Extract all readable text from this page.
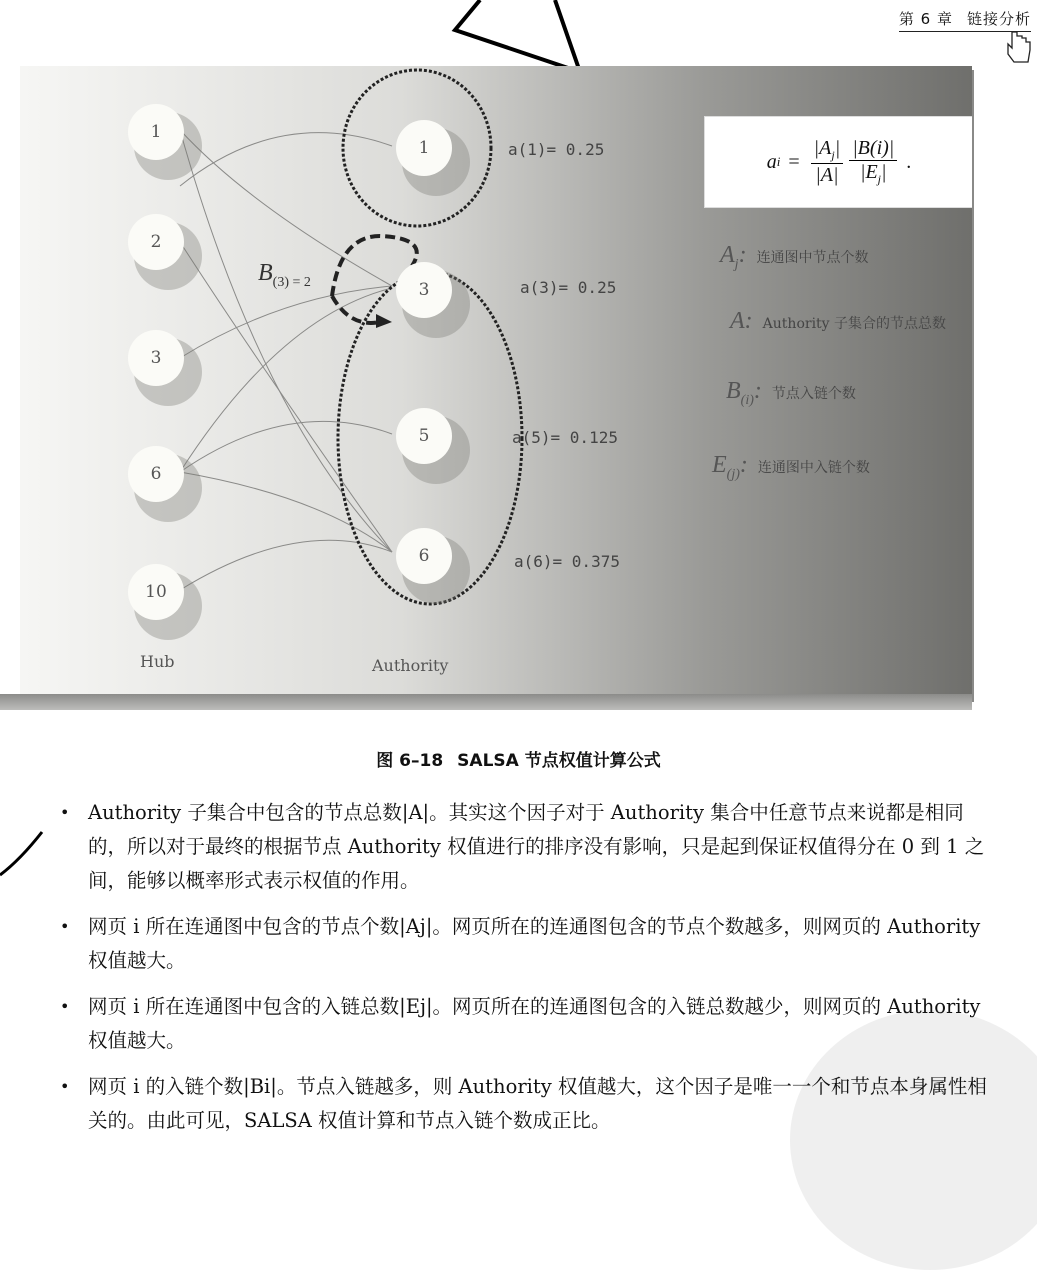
第 6 章 链接分析
1
2
3
6
10
1
3
5
6
a(1)= 0.25
a(3)= 0.25
a(5)= 0.125
a(6)= 0.375
Hub	Authority
$B_{(3) = 2}$
a $i = \frac{|A_j|}{|A|} \frac{|B(i)|}{|E_j|}$ .
$A_j$: 连通图中节点个数
A: Authority 子集合的节点总数
$B_{(i)}$: 节点入链个数
$E_{(j)}$: 连通图中入链个数
图 6–18 SALSA 节点权值计算公式
• Authority 子集合中包含的节点总数|A|。其实这个因子对于 Authority 集合中任意节点来说都是相同的，所以对于最终的根据节点 Authority 权值进行的排序没有影响，只是起到保证权值得分在 0 到 1 之间，能够以概率形式表示权值的作用。
• 网页 i 所在连通图中包含的节点个数|Aj|。网页所在的连通图包含的节点个数越多，则网页的 Authority 权值越大。
• 网页 i 所在连通图中包含的入链总数|Ej|。网页所在的连通图包含的入链总数越少，则网页的 Authority 权值越大。
• 网页 i 的入链个数|Bi|。节点入链越多，则 Authority 权值越大，这个因子是唯一一个和节点本身属性相关的。由此可见，SALSA 权值计算和节点入链个数成正比。
